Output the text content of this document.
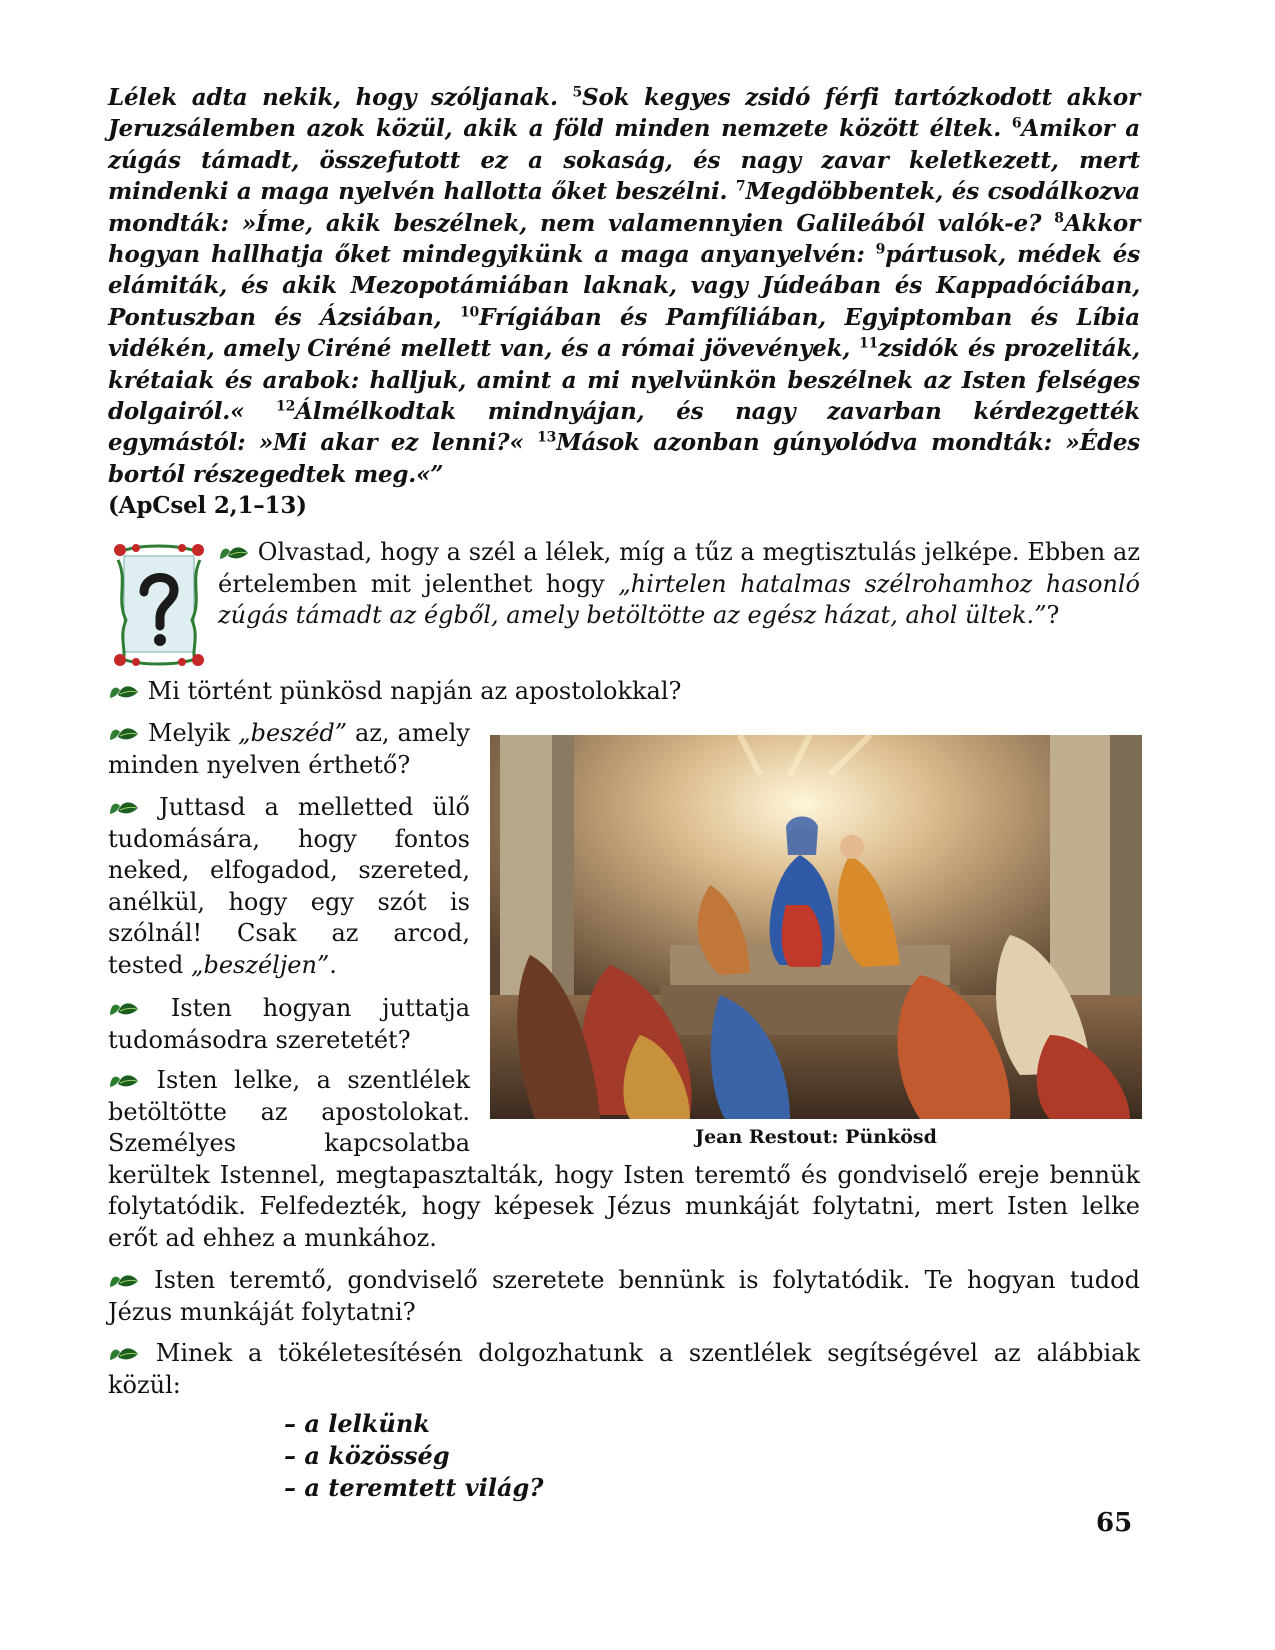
Lélek adta nekik, hogy szóljanak. $^5$Sok kegyes zsidó férfi tartózkodott akkor Jeruzsálemben azok közül, akik a föld minden nemzete között éltek. $^6$Amikor a zúgás támadt, összefutott ez a sokaság, és nagy zavar keletkezett, mert mindenki a maga nyelvén hallotta őket beszélni. $^7$Megdöbbentek, és csodálkozva mondták: »Íme, akik beszélnek, nem valamennyien Galileából valók-e? $^8$Akkor hogyan hallhatja őket mindegyikünk a maga anyanyelvén: $^9$pártusok, médek és elámiták, és akik Mezopotámiában laknak, vagy Júdeában és Kappadóciában, Pontuszban és Ázsiában, $^{10}$Frígiában és Pamfíliában, Egyiptomban és Líbia vidékén, amely Ciréné mellett van, és a római jövevények, $^{11}$zsidók és prozeliták, krétaiak és arabok: halljuk, amint a mi nyelvünkön beszélnek az Isten felséges dolgairól.« $^{12}$Álmélkodtak mindnyájan, és nagy zavarban kérdezgették egymástól: »Mi akar ez lenni?« $^{13}$Mások azonban gúnyolódva mondták: »Édes bortól részegedtek meg.«”
(ApCsel 2,1–13)
Olvastad, hogy a szél a lélek, míg a tűz a megtisztulás jelképe. Ebben az értelemben mit jelenthet hogy „hirtelen hatalmas szélrohamhoz hasonló zúgás támadt az égből, amely betöltötte az egész házat, ahol ültek.”?
Mi történt pünkösd napján az apostolokkal?
Melyik „beszéd” az, amely minden nyelven érthető?
Juttasd a melletted ülő tudomására, hogy fontos neked, elfogadod, szereted, anélkül, hogy egy szót is szólnál! Csak az arcod, tested „beszéljen”.
Isten hogyan juttatja tudomásodra szeretetét?
Isten lelke, a szentlélek betöltötte az apostolokat. Személyes kapcsolatba kerültek Istennel, megtapasztalták, hogy Isten teremtő és gondviselő ereje bennük folytatódik. Felfedezték, hogy képesek Jézus munkáját folytatni, mert Isten lelke erőt ad ehhez a munkához.
Isten teremtő, gondviselő szeretete bennünk is folytatódik. Te hogyan tudod Jézus munkáját folytatni?
Minek a tökéletesítésén dolgozhatunk a szentlélek segítségével az alábbiak közül:
– a lelkünk
– a közösség
– a teremtett világ?
Jean Restout: Pünkösd
65
